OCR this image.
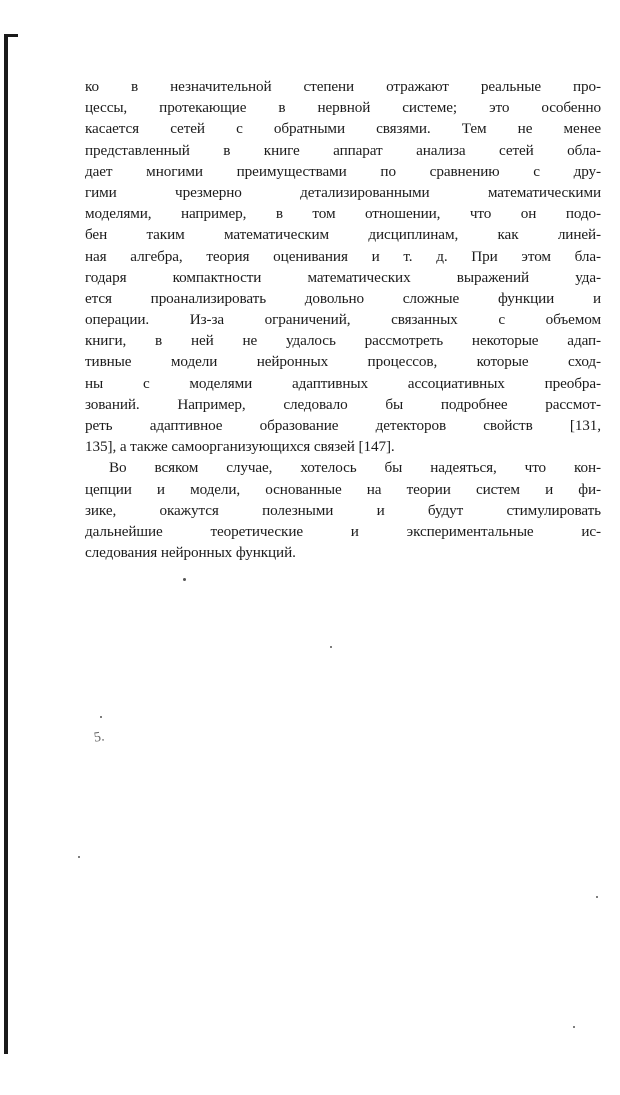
ко в незначительной степени отражают реальные про-
цессы, протекающие в нервной системе; это особенно
касается сетей с обратными связями. Тем не менее
представленный в книге аппарат анализа сетей обла-
дает многими преимуществами по сравнению с дру-
гими чрезмерно детализированными математическими
моделями, например, в том отношении, что он подо-
бен таким математическим дисциплинам, как линей-
ная алгебра, теория оценивания и т. д. При этом бла-
годаря компактности математических выражений уда-
ется проанализировать довольно сложные функции и
операции. Из-за ограничений, связанных с объемом
книги, в ней не удалось рассмотреть некоторые адап-
тивные модели нейронных процессов, которые сход-
ны с моделями адаптивных ассоциативных преобра-
зований. Например, следовало бы подробнее рассмот-
реть адаптивное образование детекторов свойств [131,
135], а также самоорганизующихся связей [147].
Во всяком случае, хотелось бы надеяться, что кон-
цепции и модели, основанные на теории систем и фи-
зике, окажутся полезными и будут стимулировать
дальнейшие теоретические и экспериментальные ис-
следования нейронных функций.
5.
